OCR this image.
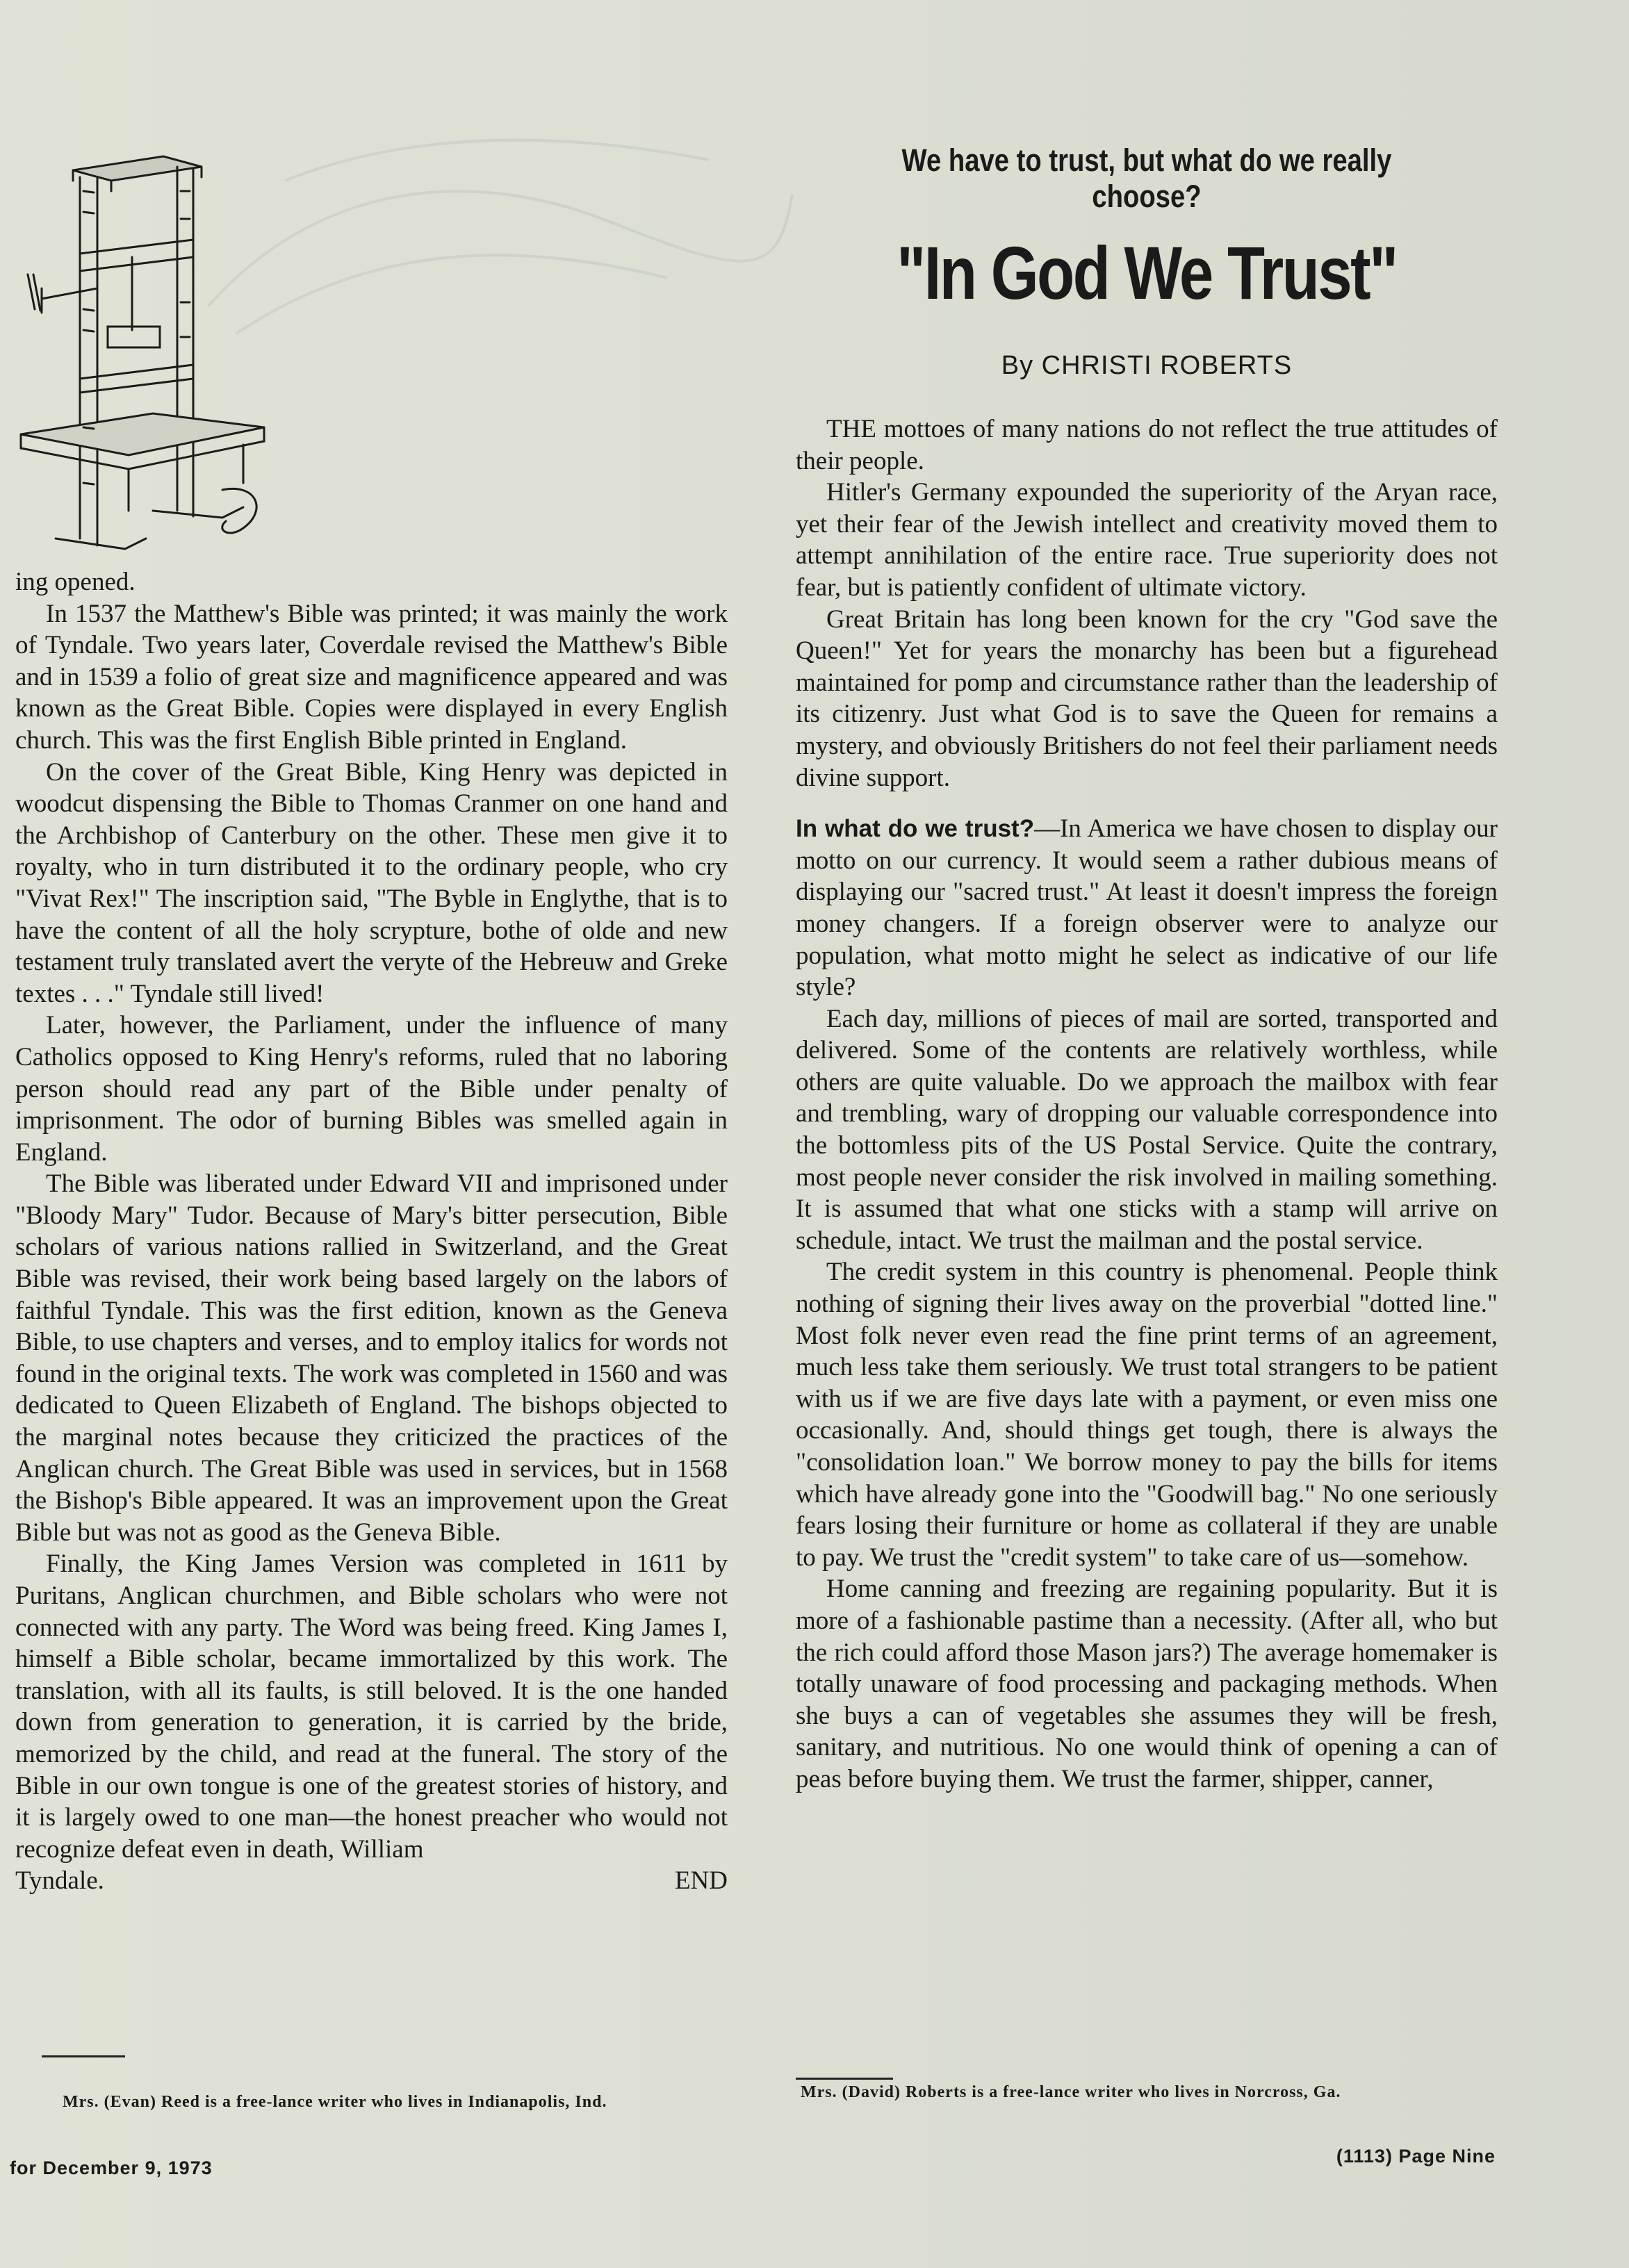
We have to trust, but what do we really choose?
"In God We Trust"
By CHRISTI ROBERTS

ing opened.

In 1537 the Matthew's Bible was printed; it was mainly the work of Tyndale. Two years later, Coverdale revised the Matthew's Bible and in 1539 a folio of great size and magnificence appeared and was known as the Great Bible. Copies were displayed in every English church. This was the first English Bible printed in England.

On the cover of the Great Bible, King Henry was depicted in woodcut dispensing the Bible to Thomas Cranmer on one hand and the Archbishop of Canterbury on the other. These men give it to royalty, who in turn distributed it to the ordinary people, who cry "Vivat Rex!" The inscription said, "The Byble in Englythe, that is to have the content of all the holy scrypture, bothe of olde and new testament truly translated avert the veryte of the Hebreuw and Greke textes . . ." Tyndale still lived!

Later, however, the Parliament, under the influence of many Catholics opposed to King Henry's reforms, ruled that no laboring person should read any part of the Bible under penalty of imprisonment. The odor of burning Bibles was smelled again in England.

The Bible was liberated under Edward VII and imprisoned under "Bloody Mary" Tudor. Because of Mary's bitter persecution, Bible scholars of various nations rallied in Switzerland, and the Great Bible was revised, their work being based largely on the labors of faithful Tyndale. This was the first edition, known as the Geneva Bible, to use chapters and verses, and to employ italics for words not found in the original texts. The work was completed in 1560 and was dedicated to Queen Elizabeth of England. The bishops objected to the marginal notes because they criticized the practices of the Anglican church. The Great Bible was used in services, but in 1568 the Bishop's Bible appeared. It was an improvement upon the Great Bible but was not as good as the Geneva Bible.

Finally, the King James Version was completed in 1611 by Puritans, Anglican churchmen, and Bible scholars who were not connected with any party. The Word was being freed. King James I, himself a Bible scholar, became immortalized by this work. The translation, with all its faults, is still beloved. It is the one handed down from generation to generation, it is carried by the bride, memorized by the child, and read at the funeral. The story of the Bible in our own tongue is one of the greatest stories of history, and it is largely owed to one man—the honest preacher who would not recognize defeat even in death, William

Tyndale.	END

THE mottoes of many nations do not reflect the true attitudes of their people.

Hitler's Germany expounded the superiority of the Aryan race, yet their fear of the Jewish intellect and creativity moved them to attempt annihilation of the entire race. True superiority does not fear, but is patiently confident of ultimate victory.

Great Britain has long been known for the cry "God save the Queen!" Yet for years the monarchy has been but a figurehead maintained for pomp and circumstance rather than the leadership of its citizenry. Just what God is to save the Queen for remains a mystery, and obviously Britishers do not feel their parliament needs divine support.

In what do we trust?—In America we have chosen to display our motto on our currency. It would seem a rather dubious means of displaying our "sacred trust." At least it doesn't impress the foreign money changers. If a foreign observer were to analyze our population, what motto might he select as indicative of our life style?

Each day, millions of pieces of mail are sorted, transported and delivered. Some of the contents are relatively worthless, while others are quite valuable. Do we approach the mailbox with fear and trembling, wary of dropping our valuable correspondence into the bottomless pits of the US Postal Service. Quite the contrary, most people never consider the risk involved in mailing something. It is assumed that what one sticks with a stamp will arrive on schedule, intact. We trust the mailman and the postal service.

The credit system in this country is phenomenal. People think nothing of signing their lives away on the proverbial "dotted line." Most folk never even read the fine print terms of an agreement, much less take them seriously. We trust total strangers to be patient with us if we are five days late with a payment, or even miss one occasionally. And, should things get tough, there is always the "consolidation loan." We borrow money to pay the bills for items which have already gone into the "Goodwill bag." No one seriously fears losing their furniture or home as collateral if they are unable to pay. We trust the "credit system" to take care of us—somehow.

Home canning and freezing are regaining popularity. But it is more of a fashionable pastime than a necessity. (After all, who but the rich could afford those Mason jars?) The average homemaker is totally unaware of food processing and packaging methods. When she buys a can of vegetables she assumes they will be fresh, sanitary, and nutritious. No one would think of opening a can of peas before buying them. We trust the farmer, shipper, canner,

Mrs. (Evan) Reed is a free-lance writer who lives in Indianapolis, Ind.
Mrs. (David) Roberts is a free-lance writer who lives in Norcross, Ga.
for December 9, 1973
(1113) Page Nine
